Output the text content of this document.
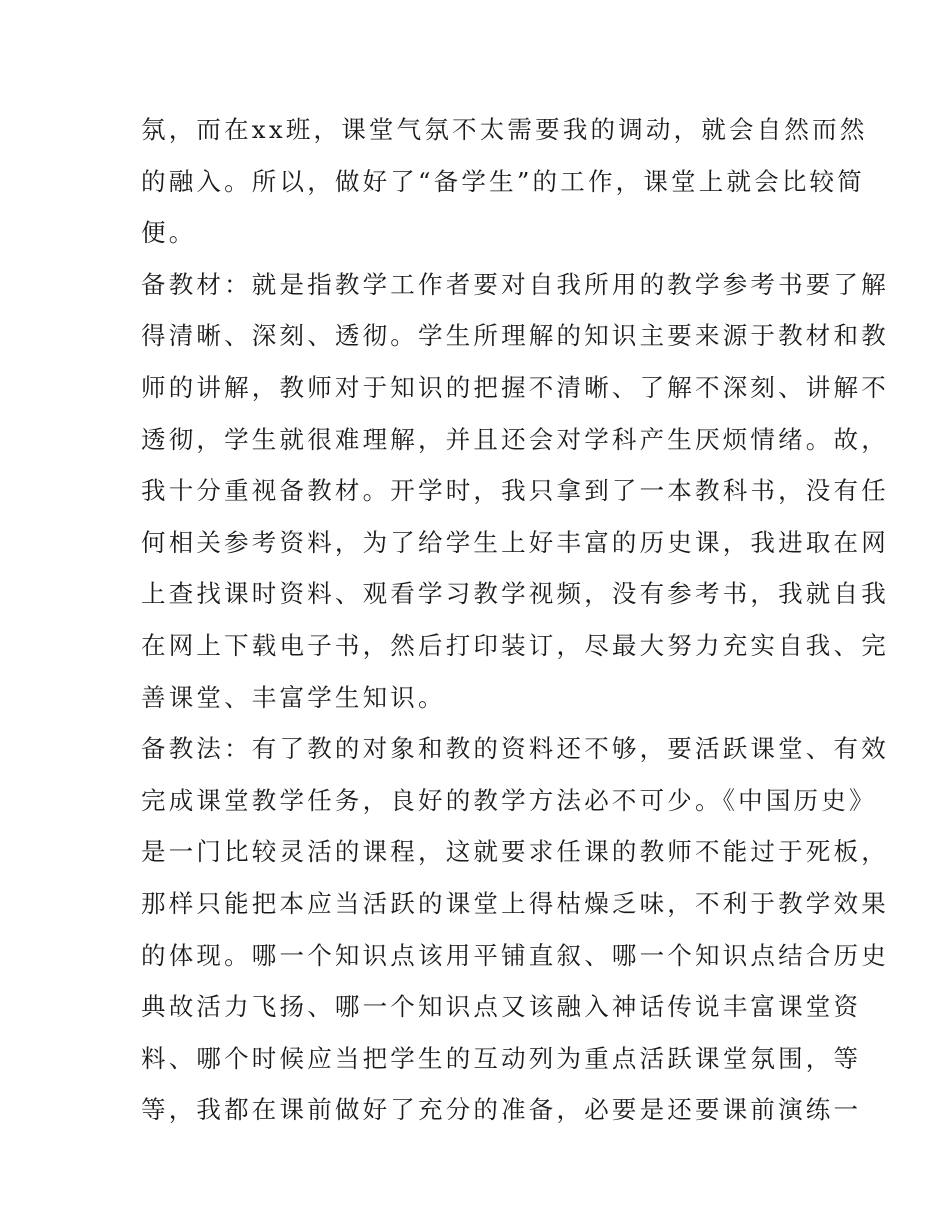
氛，而在xx班，课堂气氛不太需要我的调动，就会自然而然
的融入。所以，做好了“备学生”的工作，课堂上就会比较简
便。
备教材：就是指教学工作者要对自我所用的教学参考书要了解
得清晰、深刻、透彻。学生所理解的知识主要来源于教材和教
师的讲解，教师对于知识的把握不清晰、了解不深刻、讲解不
透彻，学生就很难理解，并且还会对学科产生厌烦情绪。故，
我十分重视备教材。开学时，我只拿到了一本教科书，没有任
何相关参考资料，为了给学生上好丰富的历史课，我进取在网
上查找课时资料、观看学习教学视频，没有参考书，我就自我
在网上下载电子书，然后打印装订，尽最大努力充实自我、完
善课堂、丰富学生知识。
备教法：有了教的对象和教的资料还不够，要活跃课堂、有效
完成课堂教学任务，良好的教学方法必不可少。《中国历史》
是一门比较灵活的课程，这就要求任课的教师不能过于死板，
那样只能把本应当活跃的课堂上得枯燥乏味，不利于教学效果
的体现。哪一个知识点该用平铺直叙、哪一个知识点结合历史
典故活力飞扬、哪一个知识点又该融入神话传说丰富课堂资
料、哪个时候应当把学生的互动列为重点活跃课堂氛围，等
等，我都在课前做好了充分的准备，必要是还要课前演练一
